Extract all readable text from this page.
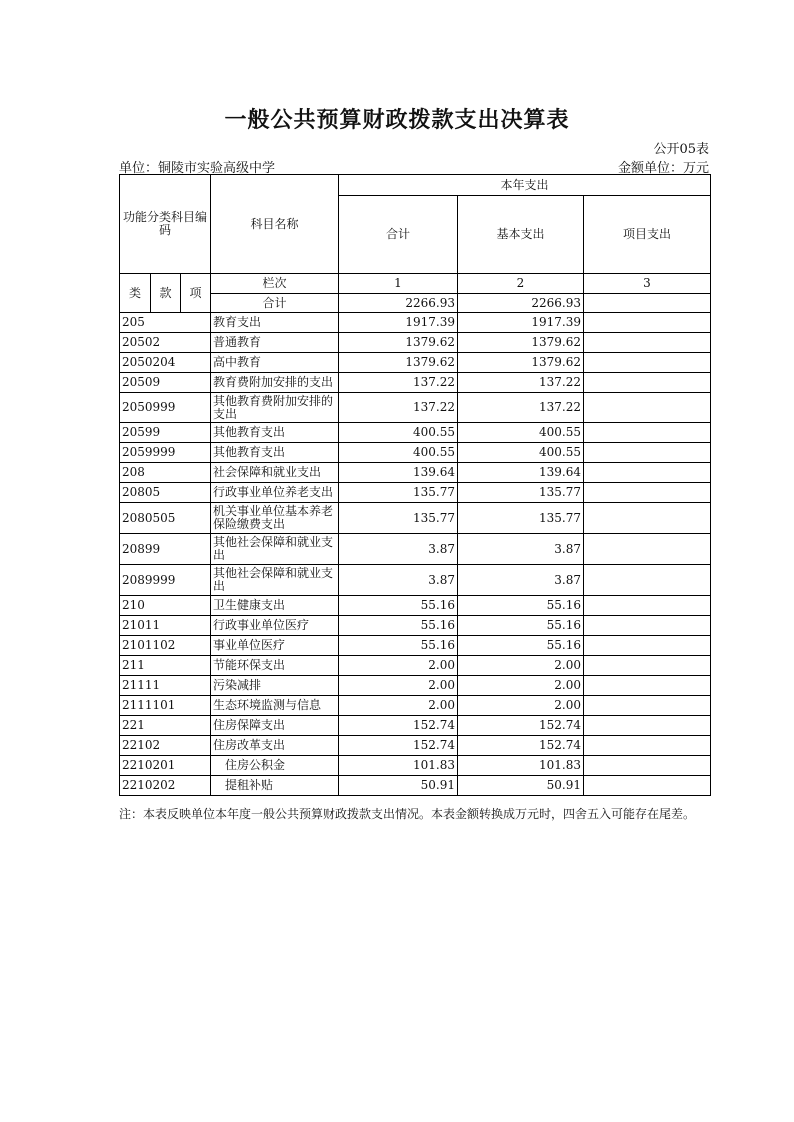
一般公共预算财政拨款支出决算表
公开05表
单位：铜陵市实验高级中学	金额单位：万元
功能分类科目编码			科目名称	本年支出		
				合计	基本支出	项目支出
类	款	项	栏次	1	2	3
			合计	2266.93	2266.93	
205			教育支出	1917.39	1917.39	
20502			普通教育	1379.62	1379.62	
2050204			高中教育	1379.62	1379.62	
20509			教育费附加安排的支出	137.22	137.22	
2050999			其他教育费附加安排的支出	137.22	137.22	
20599			其他教育支出	400.55	400.55	
2059999			其他教育支出	400.55	400.55	
208			社会保障和就业支出	139.64	139.64	
20805			行政事业单位养老支出	135.77	135.77	
2080505			机关事业单位基本养老保险缴费支出	135.77	135.77	
20899			其他社会保障和就业支出	3.87	3.87	
2089999			其他社会保障和就业支出	3.87	3.87	
210			卫生健康支出	55.16	55.16	
21011			行政事业单位医疗	55.16	55.16	
2101102			事业单位医疗	55.16	55.16	
211			节能环保支出	2.00	2.00	
21111			污染减排	2.00	2.00	
2111101			生态环境监测与信息	2.00	2.00	
221			住房保障支出	152.74	152.74	
22102			住房改革支出	152.74	152.74	
2210201			住房公积金	101.83	101.83	
2210202			提租补贴	50.91	50.91	
注：本表反映单位本年度一般公共预算财政拨款支出情况。本表金额转换成万元时，四舍五入可能存在尾差。
